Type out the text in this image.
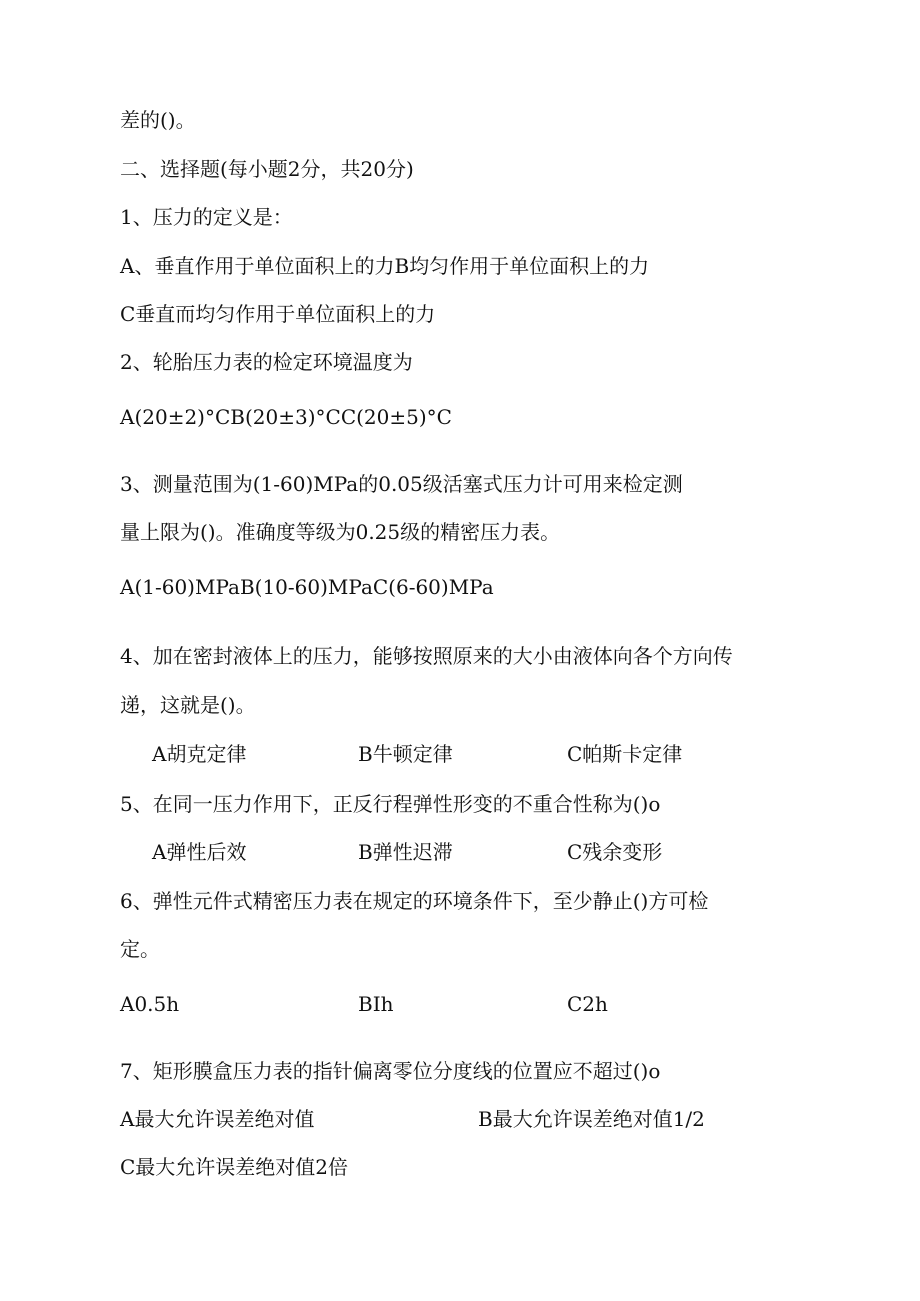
差的()。

二、选择题(每小题2分，共20分)

1、压力的定义是：

A、垂直作用于单位面积上的力B均匀作用于单位面积上的力

C垂直而均匀作用于单位面积上的力

2、轮胎压力表的检定环境温度为

A(20±2)°CB(20±3)°CC(20±5)°C

3、测量范围为(1-60)MPa的0.05级活塞式压力计可用来检定测

量上限为()。准确度等级为0.25级的精密压力表。

A(1-60)MPaB(10-60)MPaC(6-60)MPa

4、加在密封液体上的压力，能够按照原来的大小由液体向各个方向传

递，这就是()。

A胡克定律	B牛顿定律	C帕斯卡定律

5、在同一压力作用下，正反行程弹性形变的不重合性称为()o

A弹性后效	B弹性迟滞	C残余变形

6、弹性元件式精密压力表在规定的环境条件下，至少静止()方可检

定。

A0.5h	BIh	C2h

7、矩形膜盒压力表的指针偏离零位分度线的位置应不超过()o

A最大允许误差绝对值	B最大允许误差绝对值1/2

C最大允许误差绝对值2倍
